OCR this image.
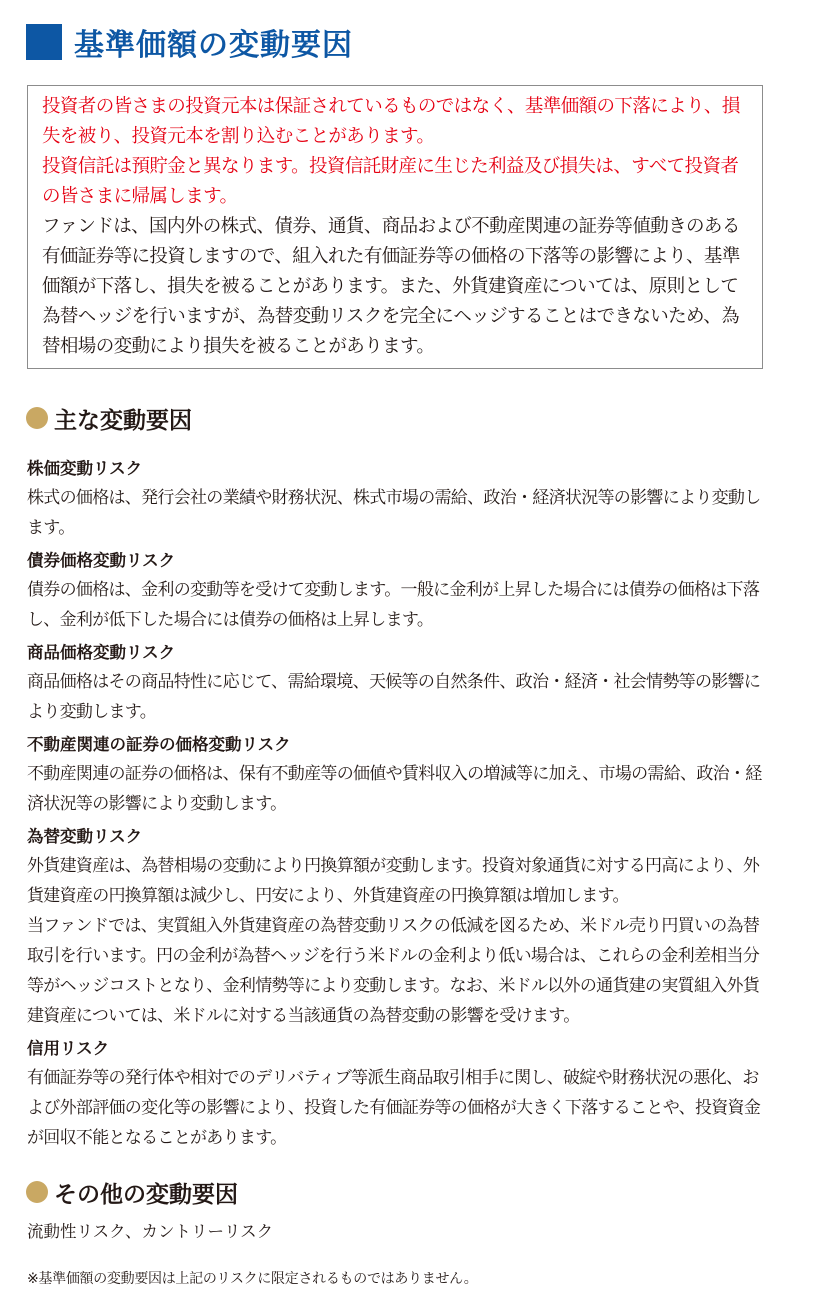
基準価額の変動要因

投資者の皆さまの投資元本は保証されているものではなく、基準価額の下落により、損失を被り、投資元本を割り込むことがあります。

投資信託は預貯金と異なります。投資信託財産に生じた利益及び損失は、すべて投資者の皆さまに帰属します。

ファンドは、国内外の株式、債券、通貨、商品および不動産関連の証券等値動きのある有価証券等に投資しますので、組入れた有価証券等の価格の下落等の影響により、基準価額が下落し、損失を被ることがあります。また、外貨建資産については、原則として為替ヘッジを行いますが、為替変動リスクを完全にヘッジすることはできないため、為替相場の変動により損失を被ることがあります。

主な変動要因
株価変動リスク

株式の価格は、発行会社の業績や財務状況、株式市場の需給、政治・経済状況等の影響により変動します。

債券価格変動リスク

債券の価格は、金利の変動等を受けて変動します。一般に金利が上昇した場合には債券の価格は下落し、金利が低下した場合には債券の価格は上昇します。

商品価格変動リスク

商品価格はその商品特性に応じて、需給環境、天候等の自然条件、政治・経済・社会情勢等の影響により変動します。

不動産関連の証券の価格変動リスク

不動産関連の証券の価格は、保有不動産等の価値や賃料収入の増減等に加え、市場の需給、政治・経済状況等の影響により変動します。

為替変動リスク

外貨建資産は、為替相場の変動により円換算額が変動します。投資対象通貨に対する円高により、外貨建資産の円換算額は減少し、円安により、外貨建資産の円換算額は増加します。

当ファンドでは、実質組入外貨建資産の為替変動リスクの低減を図るため、米ドル売り円買いの為替取引を行います。円の金利が為替ヘッジを行う米ドルの金利より低い場合は、これらの金利差相当分等がヘッジコストとなり、金利情勢等により変動します。なお、米ドル以外の通貨建の実質組入外貨建資産については、米ドルに対する当該通貨の為替変動の影響を受けます。

信用リスク

有価証券等の発行体や相対でのデリバティブ等派生商品取引相手に関し、破綻や財務状況の悪化、および外部評価の変化等の影響により、投資した有価証券等の価格が大きく下落することや、投資資金が回収不能となることがあります。

その他の変動要因
流動性リスク、カントリーリスク
※基準価額の変動要因は上記のリスクに限定されるものではありません。
